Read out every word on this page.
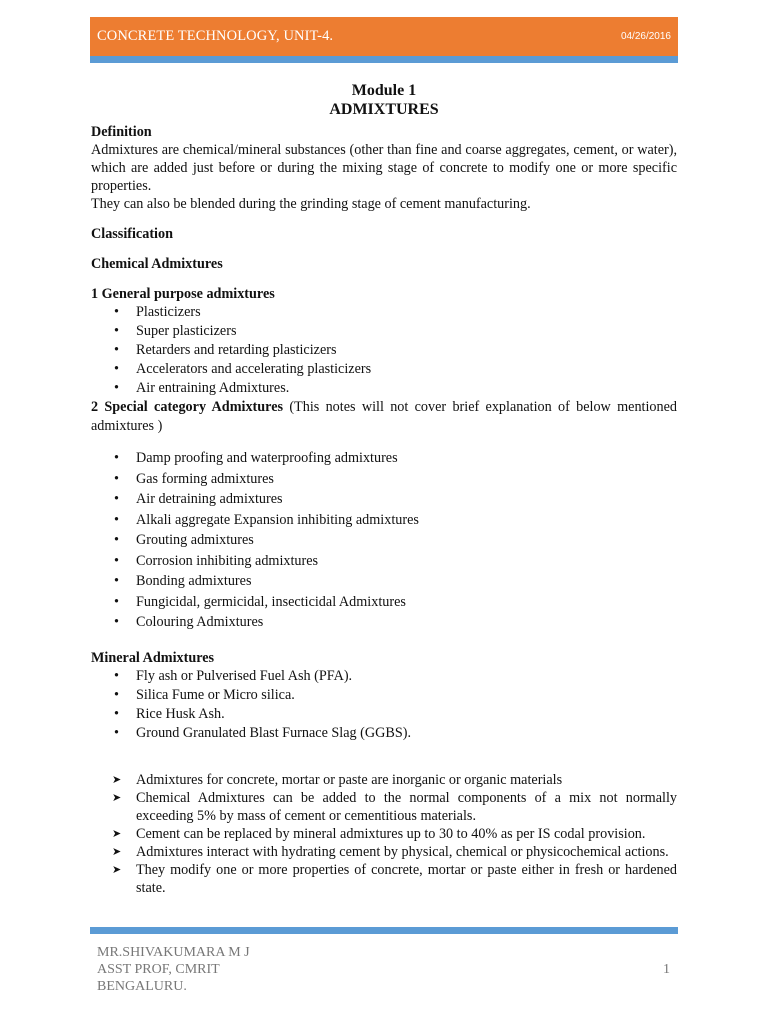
CONCRETE TECHNOLOGY, UNIT-4.	04/26/2016
Module 1
ADMIXTURES

Definition

Admixtures are chemical/mineral substances (other than fine and coarse aggregates, cement, or water), which are added just before or during the mixing stage of concrete to modify one or more specific properties.

They can also be blended during the grinding stage of cement manufacturing.

Classification

Chemical Admixtures

1 General purpose admixtures

• Plasticizers
• Super plasticizers
• Retarders and retarding plasticizers
• Accelerators and accelerating plasticizers
• Air entraining Admixtures.

2 Special category Admixtures (This notes will not cover brief explanation of below mentioned admixtures )

• Damp proofing and waterproofing admixtures
• Gas forming admixtures
• Air detraining admixtures
• Alkali aggregate Expansion inhibiting admixtures
• Grouting admixtures
• Corrosion inhibiting admixtures
• Bonding admixtures
• Fungicidal, germicidal, insecticidal Admixtures
• Colouring Admixtures

Mineral Admixtures

• Fly ash or Pulverised Fuel Ash (PFA).
• Silica Fume or Micro silica.
• Rice Husk Ash.
• Ground Granulated Blast Furnace Slag (GGBS).
➤ Admixtures for concrete, mortar or paste are inorganic or organic materials
➤ Chemical Admixtures can be added to the normal components of a mix not normally exceeding 5% by mass of cement or cementitious materials.
➤ Cement can be replaced by mineral admixtures up to 30 to 40% as per IS codal provision.
➤ Admixtures interact with hydrating cement by physical, chemical or physicochemical actions.
➤ They modify one or more properties of concrete, mortar or paste either in fresh or hardened state.
MR.SHIVAKUMARA M J
ASST PROF, CMRIT
BENGALURU.
1
